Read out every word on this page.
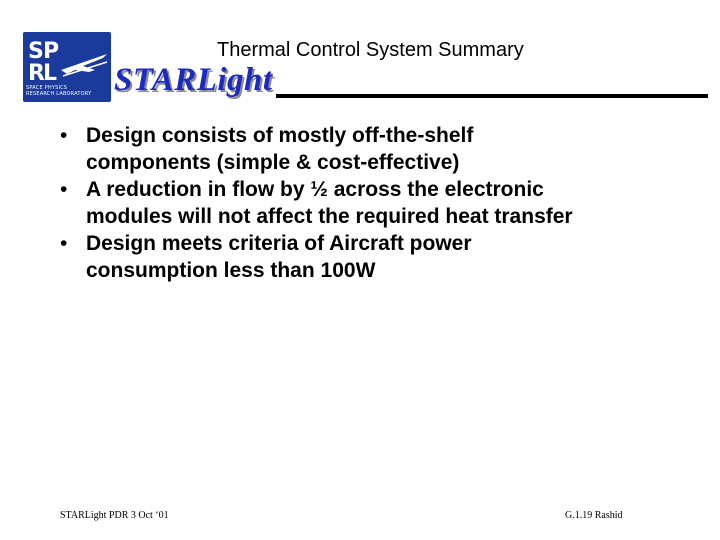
S P
R
L
SPACE PHYSICS
RESEARCH LABORATORY
Thermal Control System Summary
STARLight
• Design consists of mostly off-the-shelf
components (simple & cost-effective)
• A reduction in flow by ½ across the electronic
modules will not affect the required heat transfer
• Design meets criteria of Aircraft power
consumption less than 100W
STARLight PDR 3 Oct ‘01	G.1.19 Rashid
